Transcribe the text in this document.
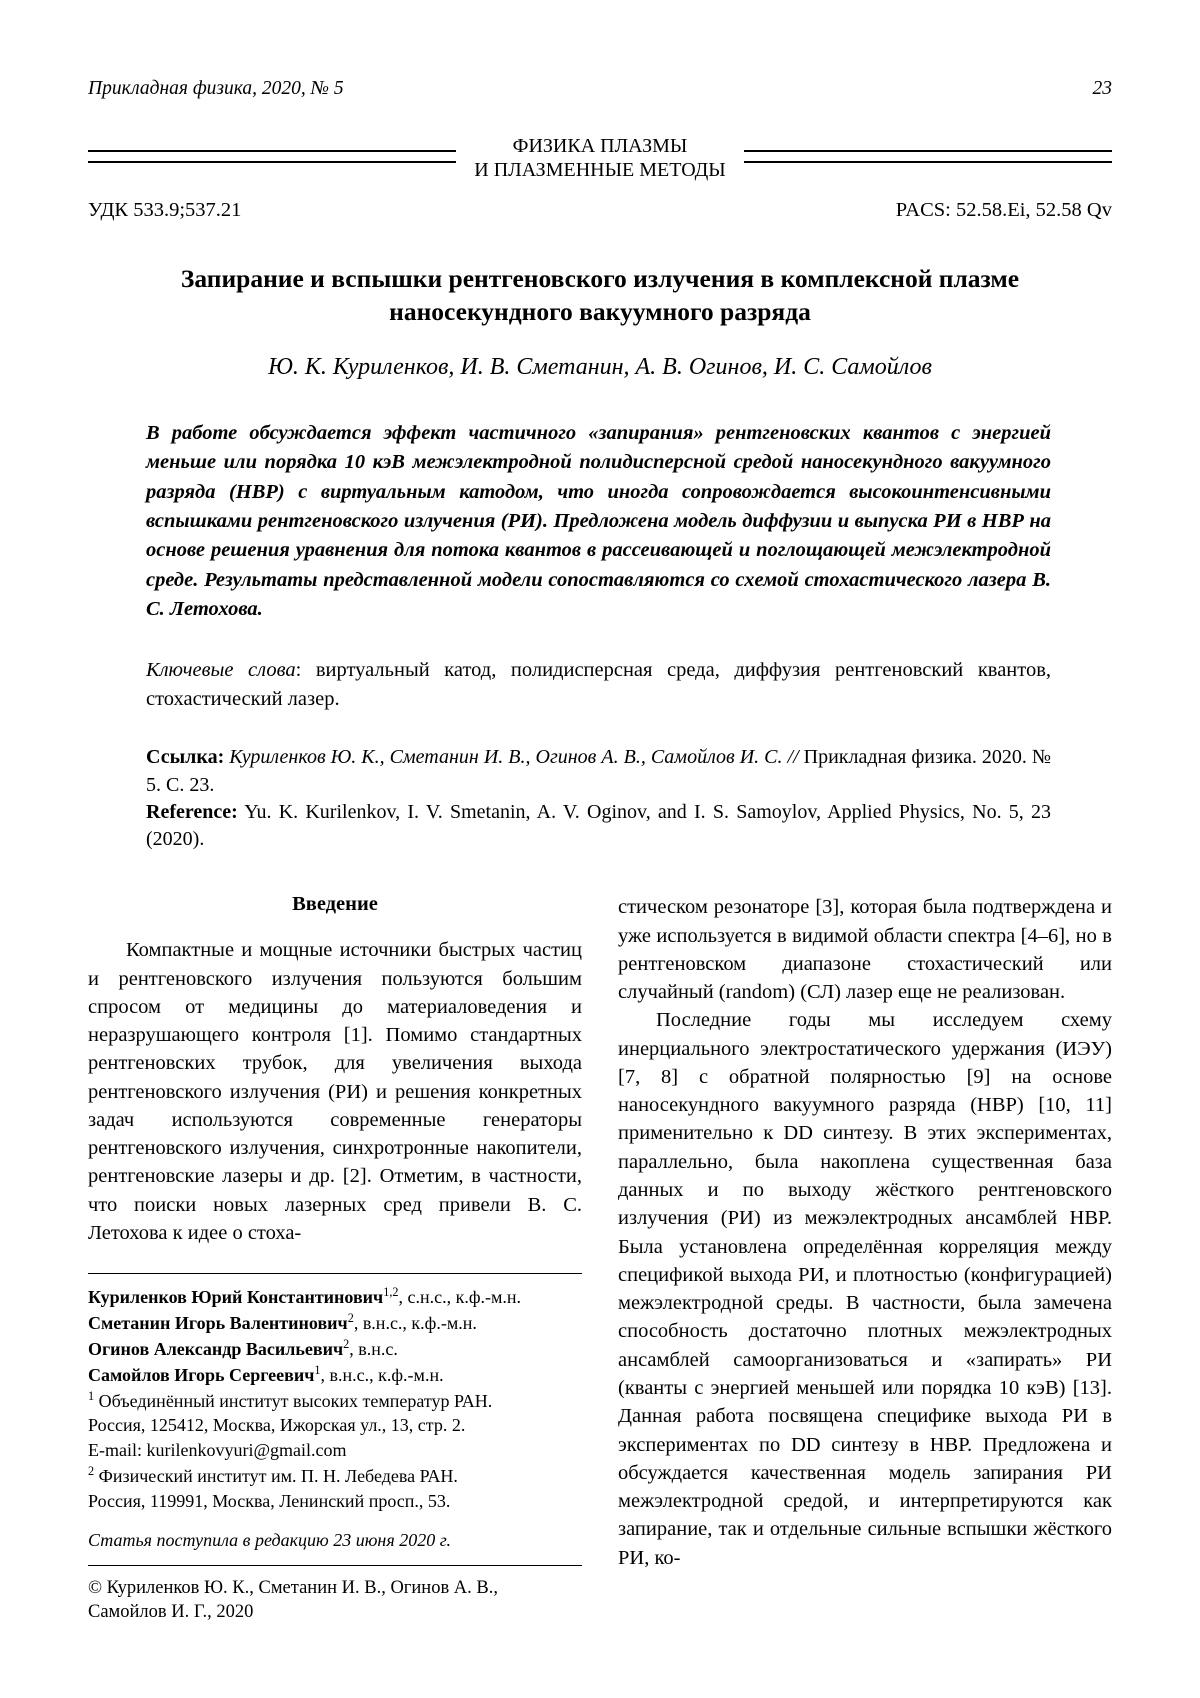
Прикладная физика, 2020, № 5	23
ФИЗИКА ПЛАЗМЫ
И ПЛАЗМЕННЫЕ МЕТОДЫ
УДК 533.9;537.21	PACS: 52.58.Ei, 52.58 Qv
Запирание и вспышки рентгеновского излучения в комплексной плазме наносекундного вакуумного разряда
Ю. К. Куриленков, И. В. Сметанин, А. В. Огинов, И. С. Самойлов
В работе обсуждается эффект частичного «запирания» рентгеновских квантов с энергией меньше или порядка 10 кэВ межэлектродной полидисперсной средой наносекундного вакуумного разряда (НВР) с виртуальным катодом, что иногда сопровождается высокоинтенсивными вспышками рентгеновского излучения (РИ). Предложена модель диффузии и выпуска РИ в НВР на основе решения уравнения для потока квантов в рассеивающей и поглощающей межэлектродной среде. Результаты представленной модели сопоставляются со схемой стохастического лазера В. С. Летохова.
Ключевые слова: виртуальный катод, полидисперсная среда, диффузия рентгеновский квантов, стохастический лазер.
Ссылка: Куриленков Ю. К., Сметанин И. В., Огинов А. В., Самойлов И. С. // Прикладная физика. 2020. № 5. С. 23.
Reference: Yu. K. Kurilenkov, I. V. Smetanin, A. V. Oginov, and I. S. Samoylov, Applied Physics, No. 5, 23 (2020).
Введение

Компактные и мощные источники быстрых частиц и рентгеновского излучения пользуются большим спросом от медицины до материаловедения и неразрушающего контроля [1]. Помимо стандартных рентгеновских трубок, для увеличения выхода рентгеновского излучения (РИ) и решения конкретных задач используются современные генераторы рентгеновского излучения, синхротронные накопители, рентгеновские лазеры и др. [2]. Отметим, в частности, что поиски новых лазерных сред привели В. С. Летохова к идее о стоха-

Куриленков Юрий Константинович$^{1,2}$, с.н.с., к.ф.-м.н.

Сметанин Игорь Валентинович$^2$, в.н.с., к.ф.-м.н.

Огинов Александр Васильевич$^2$, в.н.с.

Самойлов Игорь Сергеевич$^1$, в.н.с., к.ф.-м.н.

$^1$ Объединённый институт высоких температур РАН.

Россия, 125412, Москва, Ижорская ул., 13, стр. 2.

E-mail: kurilenkovyuri@gmail.com

$^2$ Физический институт им. П. Н. Лебедева РАН.

Россия, 119991, Москва, Ленинский просп., 53.

Статья поступила в редакцию 23 июня 2020 г.

© Куриленков Ю. К., Сметанин И. В., Огинов А. В.,
Самойлов И. Г., 2020

стическом резонаторе [3], которая была подтверждена и уже используется в видимой области спектра [4–6], но в рентгеновском диапазоне стохастический или случайный (random) (СЛ) лазер еще не реализован.

Последние годы мы исследуем схему инерциального электростатического удержания (ИЭУ) [7, 8] с обратной полярностью [9] на основе наносекундного вакуумного разряда (НВР) [10, 11] применительно к DD синтезу. В этих экспериментах, параллельно, была накоплена существенная база данных и по выходу жёсткого рентгеновского излучения (РИ) из межэлектродных ансамблей НВР. Была установлена определённая корреляция между спецификой выхода РИ, и плотностью (конфигурацией) межэлектродной среды. В частности, была замечена способность достаточно плотных межэлектродных ансамблей самоорганизоваться и «запирать» РИ (кванты с энергией меньшей или порядка 10 кэВ) [13]. Данная работа посвящена специфике выхода РИ в экспериментах по DD синтезу в НВР. Предложена и обсуждается качественная модель запирания РИ межэлектродной средой, и интерпретируются как запирание, так и отдельные сильные вспышки жёсткого РИ, ко-
